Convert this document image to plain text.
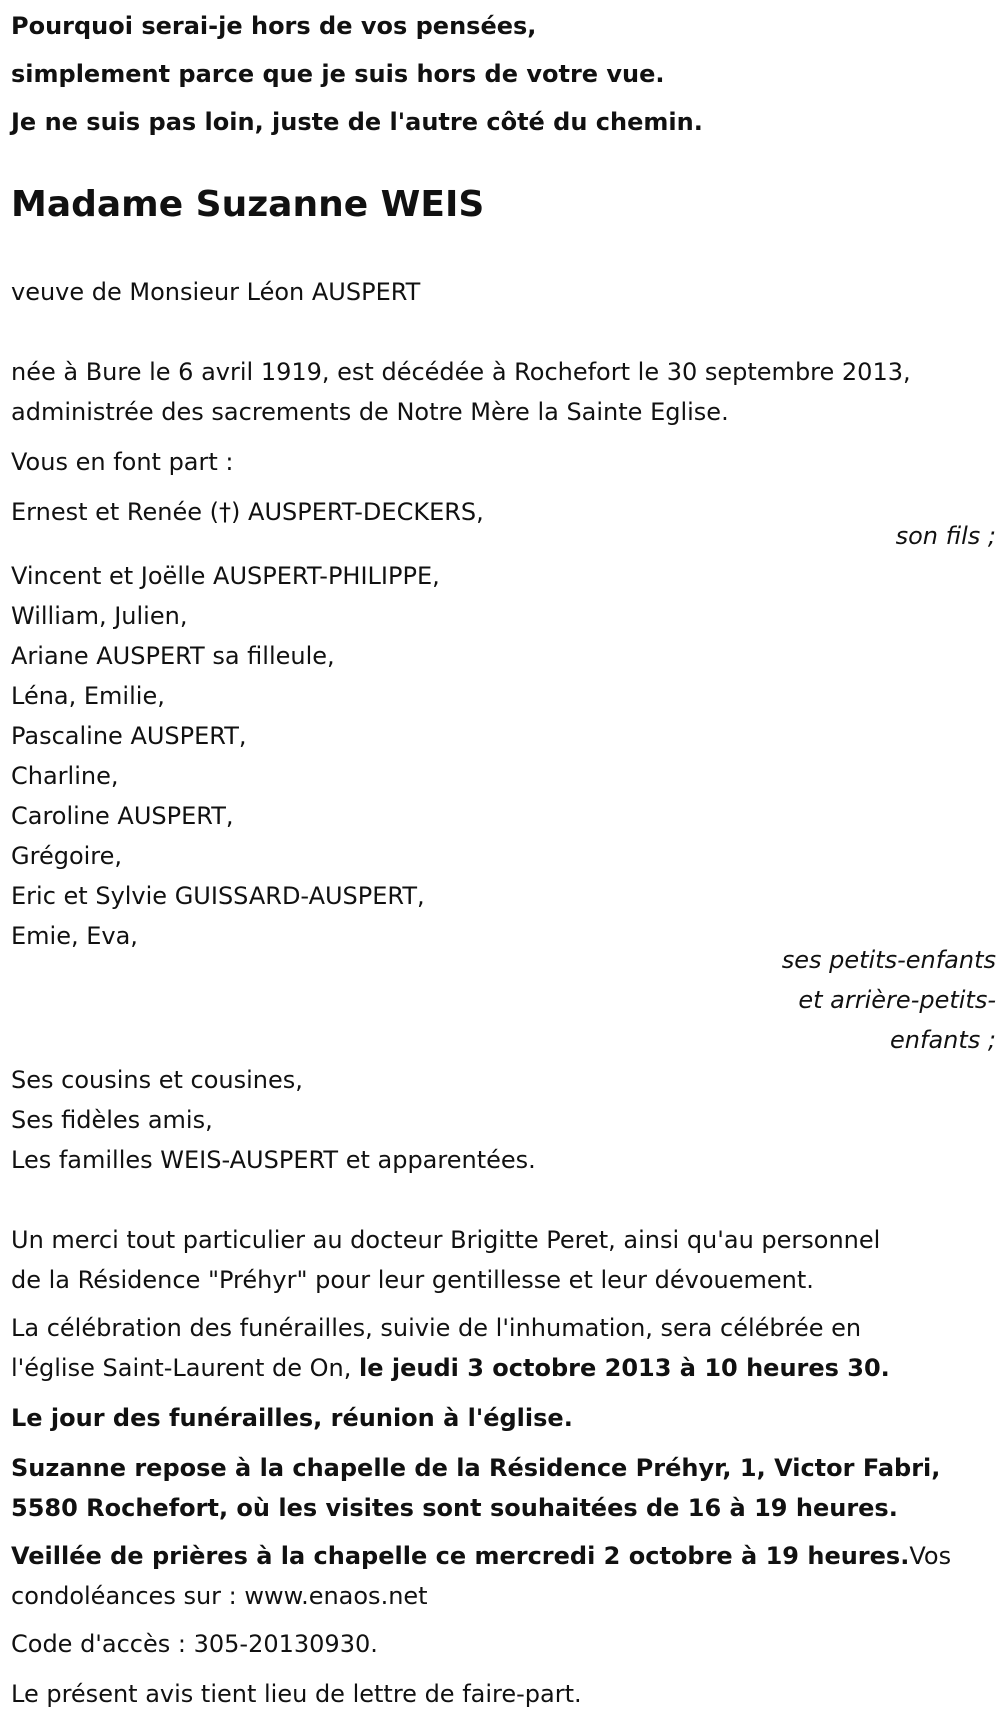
Pourquoi serai-je hors de vos pensées,
simplement parce que je suis hors de votre vue.
Je ne suis pas loin, juste de l'autre côté du chemin.
Madame Suzanne WEIS
veuve de Monsieur Léon AUSPERT
née à Bure le 6 avril 1919, est décédée à Rochefort le 30 septembre 2013,
administrée des sacrements de Notre Mère la Sainte Eglise.
Vous en font part :
Ernest et Renée (†) AUSPERT-DECKERS,
son fils ;
Vincent et Joëlle AUSPERT-PHILIPPE,
William, Julien,
Ariane AUSPERT sa filleule,
Léna, Emilie,
Pascaline AUSPERT,
Charline,
Caroline AUSPERT,
Grégoire,
Eric et Sylvie GUISSARD-AUSPERT,
Emie, Eva,
ses petits-enfants
et arrière-petits-
enfants ;
Ses cousins et cousines,
Ses fidèles amis,
Les familles WEIS-AUSPERT et apparentées.
Un merci tout particulier au docteur Brigitte Peret, ainsi qu'au personnel
de la Résidence "Préhyr" pour leur gentillesse et leur dévouement.
La célébration des funérailles, suivie de l'inhumation, sera célébrée en
l'église Saint-Laurent de On, le jeudi 3 octobre 2013 à 10 heures 30.
Le jour des funérailles, réunion à l'église.
Suzanne repose à la chapelle de la Résidence Préhyr, 1, Victor Fabri,
5580 Rochefort, où les visites sont souhaitées de 16 à 19 heures.
Veillée de prières à la chapelle ce mercredi 2 octobre à 19 heures.Vos
condoléances sur : www.enaos.net
Code d'accès : 305-20130930.
Le présent avis tient lieu de lettre de faire-part.
